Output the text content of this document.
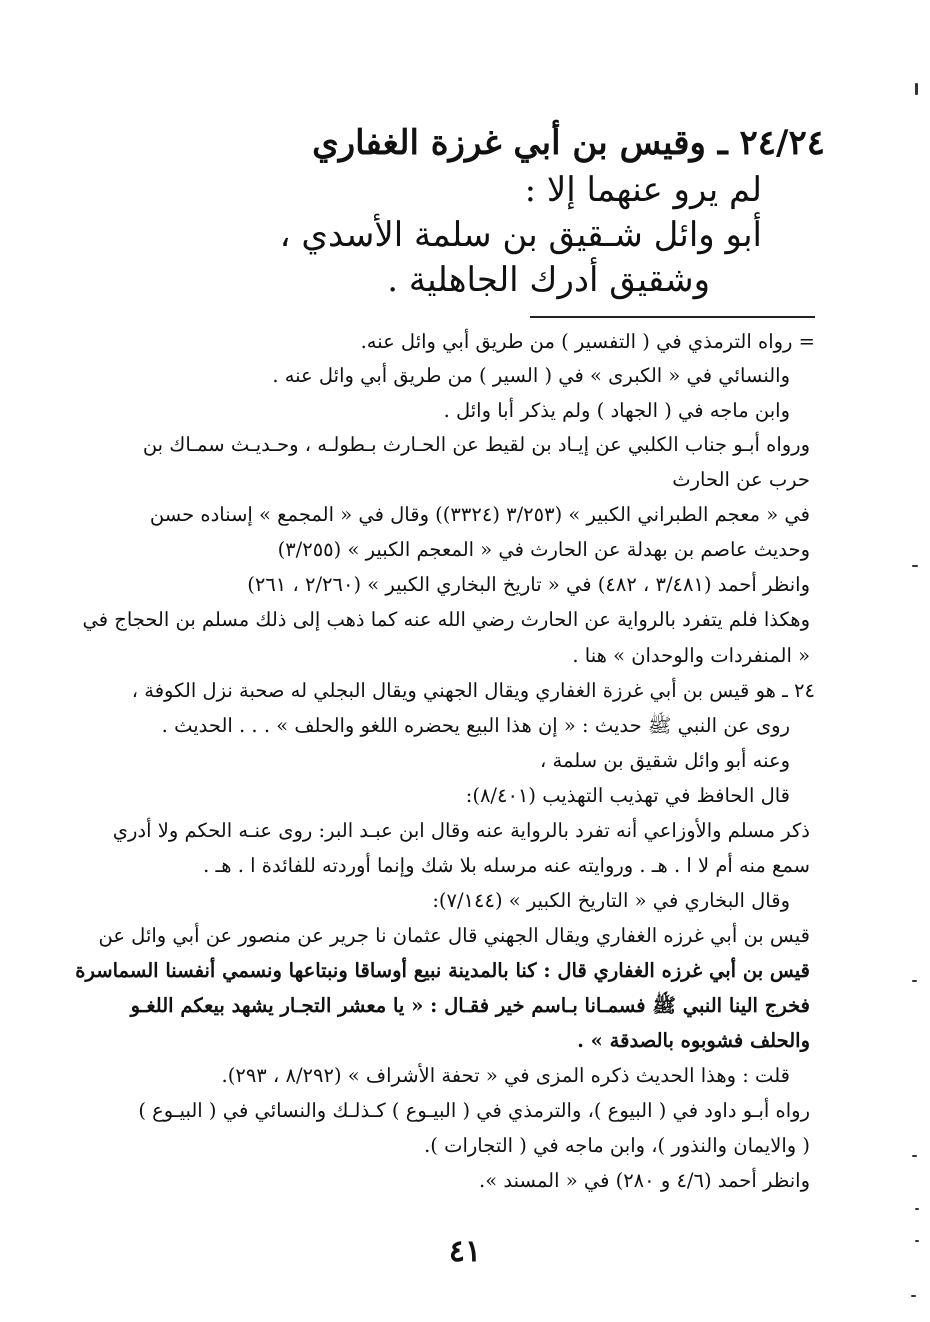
٢٤/٢٤ ـ وقيس بن أبي غرزة الغفاري
لم يرو عنهما إلا :
أبو وائل شـقيق بن سلمة الأسدي ،
وشقيق أدرك الجاهلية .
= رواه الترمذي في ( التفسير ) من طريق أبي وائل عنه.
والنسائي في « الكبرى » في ( السير ) من طريق أبي وائل عنه .
وابن ماجه في ( الجهاد ) ولم يذكر أبا وائل .
ورواه أبـو جناب الكلبي عن إيـاد بن لقيط عن الحـارث بـطولـه ، وحـديـث سمـاك بن
حرب عن الحارث
في « معجم الطبراني الكبير » (٣/٢٥٣ (٣٣٢٤)) وقال في « المجمع » إسناده حسن
وحديث عاصم بن بهدلة عن الحارث في « المعجم الكبير » (٣/٢٥٥)
وانظر أحمد (٣/٤٨١ ، ٤٨٢) في « تاريخ البخاري الكبير » (٢/٢٦٠ ، ٢٦١)
وهكذا فلم يتفرد بالرواية عن الحارث رضي الله عنه كما ذهب إلى ذلك مسلم بن الحجاج في
« المنفردات والوحدان » هنا .
٢٤ ـ هو قيس بن أبي غرزة الغفاري ويقال الجهني ويقال البجلي له صحبة نزل الكوفة ،
روى عن النبي ﷺ حديث : « إن هذا البيع يحضره اللغو والحلف » . . . الحديث .
وعنه أبو وائل شقيق بن سلمة ،
قال الحافظ في تهذيب التهذيب (٨/٤٠١):
ذكر مسلم والأوزاعي أنه تفرد بالرواية عنه وقال ابن عبـد البر: روى عنـه الحكم ولا أدري
سمع منه أم لا ا . هـ . وروايته عنه مرسله بلا شك وإنما أوردته للفائدة ا . هـ .
وقال البخاري في « التاريخ الكبير » (٧/١٤٤):
قيس بن أبي غرزه الغفاري ويقال الجهني قال عثمان نا جرير عن منصور عن أبي وائل عن
قيس بن أبي غرزه الغفاري قال : كنا بالمدينة نبيع أوساقا ونبتاعها ونسمي أنفسنا السماسرة
فخرج الينا النبي ﷺ فسمـانا بـاسم خير فقـال : « يا معشر التجـار يشهد بيعكم اللغـو
والحلف فشوبوه بالصدقة » .
قلت : وهذا الحديث ذكره المزى في « تحفة الأشراف » (٨/٢٩٢ ، ٢٩٣).
رواه أبـو داود في ( البيوع )، والترمذي في ( البيـوع ) كـذلـك والنسائي في ( البيـوع )
( والايمان والنذور )، وابن ماجه في ( التجارات ).
وانظر أحمد (٤/٦ و ٢٨٠) في « المسند ».
٤١
